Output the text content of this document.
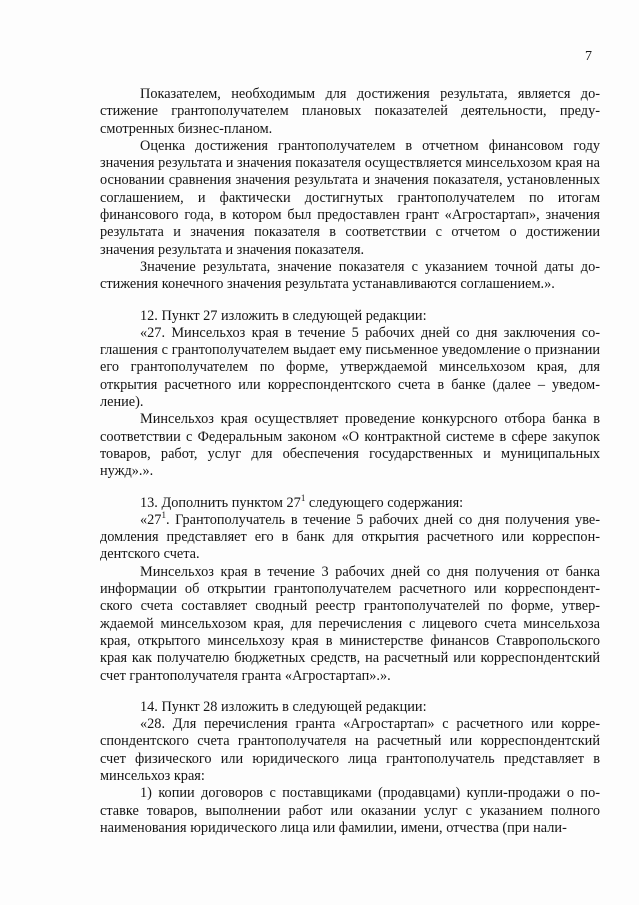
7

Показателем, необходимым для достижения результата, является достижение грантополучателем плановых показателей деятельности, предусмотренных бизнес-планом.

Оценка достижения грантополучателем в отчетном финансовом году значения результата и значения показателя осуществляется минсельхозом края на основании сравнения значения результата и значения показателя, установленных соглашением, и фактически достигнутых грантополучателем по итогам финансового года, в котором был предоставлен грант «Агростартап», значения результата и значения показателя в соответствии с отчетом о достижении значения результата и значения показателя.

Значение результата, значение показателя с указанием точной даты достижения конечного значения результата устанавливаются соглашением.».

12. Пункт 27 изложить в следующей редакции:

«27. Минсельхоз края в течение 5 рабочих дней со дня заключения соглашения с грантополучателем выдает ему письменное уведомление о признании его грантополучателем по форме, утверждаемой минсельхозом края, для открытия расчетного или корреспондентского счета в банке (далее – уведомление).

Минсельхоз края осуществляет проведение конкурсного отбора банка в соответствии с Федеральным законом «О контрактной системе в сфере закупок товаров, работ, услуг для обеспечения государственных и муниципальных нужд».».

13. Дополнить пунктом $27^1$ следующего содержания:

«$27^1$. Грантополучатель в течение 5 рабочих дней со дня получения уведомления представляет его в банк для открытия расчетного или корреспондентского счета.

Минсельхоз края в течение 3 рабочих дней со дня получения от банка информации об открытии грантополучателем расчетного или корреспондентского счета составляет сводный реестр грантополучателей по форме, утверждаемой минсельхозом края, для перечисления с лицевого счета минсельхоза края, открытого минсельхозу края в министерстве финансов Ставропольского края как получателю бюджетных средств, на расчетный или корреспондентский счет грантополучателя гранта «Агростартап».».

14. Пункт 28 изложить в следующей редакции:

«28. Для перечисления гранта «Агростартап» с расчетного или корреспондентского счета грантополучателя на расчетный или корреспондентский счет физического или юридического лица грантополучатель представляет в минсельхоз края:

1) копии договоров с поставщиками (продавцами) купли-продажи о поставке товаров, выполнении работ или оказании услуг с указанием полного наименования юридического лица или фамилии, имени, отчества (при нали-
